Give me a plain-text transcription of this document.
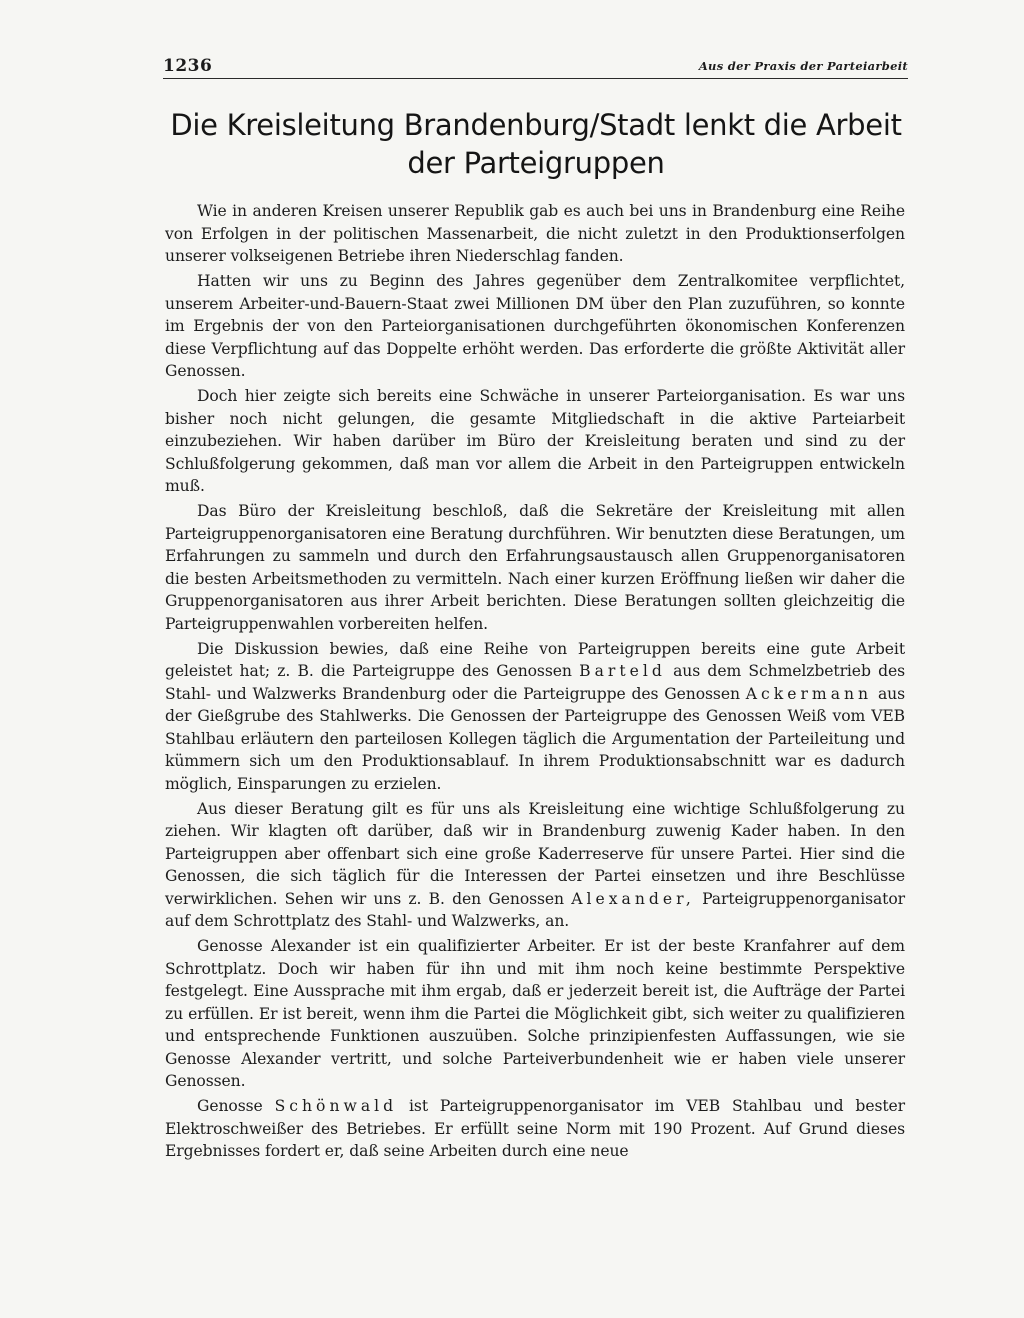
1236	Aus der Praxis der Parteiarbeit
Die Kreisleitung Brandenburg/Stadt lenkt die Arbeit
der Parteigruppen

Wie in anderen Kreisen unserer Republik gab es auch bei uns in Brandenburg eine Reihe von Erfolgen in der politischen Massenarbeit, die nicht zuletzt in den Produktionserfolgen unserer volkseigenen Betriebe ihren Niederschlag fanden.

Hatten wir uns zu Beginn des Jahres gegenüber dem Zentralkomitee verpflichtet, unserem Arbeiter-und-Bauern-Staat zwei Millionen DM über den Plan zuzuführen, so konnte im Ergebnis der von den Parteiorganisationen durchgeführten ökonomischen Konferenzen diese Verpflichtung auf das Doppelte erhöht werden. Das erforderte die größte Aktivität aller Genossen.

Doch hier zeigte sich bereits eine Schwäche in unserer Parteiorganisation. Es war uns bisher noch nicht gelungen, die gesamte Mitgliedschaft in die aktive Parteiarbeit einzubeziehen. Wir haben darüber im Büro der Kreisleitung beraten und sind zu der Schlußfolgerung gekommen, daß man vor allem die Arbeit in den Parteigruppen entwickeln muß.

Das Büro der Kreisleitung beschloß, daß die Sekretäre der Kreisleitung mit allen Parteigruppenorganisatoren eine Beratung durchführen. Wir benutzten diese Beratungen, um Erfahrungen zu sammeln und durch den Erfahrungsaustausch allen Gruppenorganisatoren die besten Arbeitsmethoden zu vermitteln. Nach einer kurzen Eröffnung ließen wir daher die Gruppenorganisatoren aus ihrer Arbeit berichten. Diese Beratungen sollten gleichzeitig die Parteigruppenwahlen vorbereiten helfen.

Die Diskussion bewies, daß eine Reihe von Parteigruppen bereits eine gute Arbeit geleistet hat; z. B. die Parteigruppe des Genossen Barteld aus dem Schmelzbetrieb des Stahl- und Walzwerks Brandenburg oder die Parteigruppe des Genossen Ackermann aus der Gießgrube des Stahlwerks. Die Genossen der Parteigruppe des Genossen Weiß vom VEB Stahlbau erläutern den parteilosen Kollegen täglich die Argumentation der Parteileitung und kümmern sich um den Produktionsablauf. In ihrem Produktionsabschnitt war es dadurch möglich, Einsparungen zu erzielen.

Aus dieser Beratung gilt es für uns als Kreisleitung eine wichtige Schlußfolgerung zu ziehen. Wir klagten oft darüber, daß wir in Brandenburg zuwenig Kader haben. In den Parteigruppen aber offenbart sich eine große Kaderreserve für unsere Partei. Hier sind die Genossen, die sich täglich für die Interessen der Partei einsetzen und ihre Beschlüsse verwirklichen. Sehen wir uns z. B. den Genossen Alexander, Parteigruppenorganisator auf dem Schrottplatz des Stahl- und Walzwerks, an.

Genosse Alexander ist ein qualifizierter Arbeiter. Er ist der beste Kranfahrer auf dem Schrottplatz. Doch wir haben für ihn und mit ihm noch keine bestimmte Perspektive festgelegt. Eine Aussprache mit ihm ergab, daß er jederzeit bereit ist, die Aufträge der Partei zu erfüllen. Er ist bereit, wenn ihm die Partei die Möglichkeit gibt, sich weiter zu qualifizieren und entsprechende Funktionen auszuüben. Solche prinzipienfesten Auffassungen, wie sie Genosse Alexander vertritt, und solche Parteiverbundenheit wie er haben viele unserer Genossen.

Genosse Schönwald ist Parteigruppenorganisator im VEB Stahlbau und bester Elektroschweißer des Betriebes. Er erfüllt seine Norm mit 190 Prozent. Auf Grund dieses Ergebnisses fordert er, daß seine Arbeiten durch eine neue
